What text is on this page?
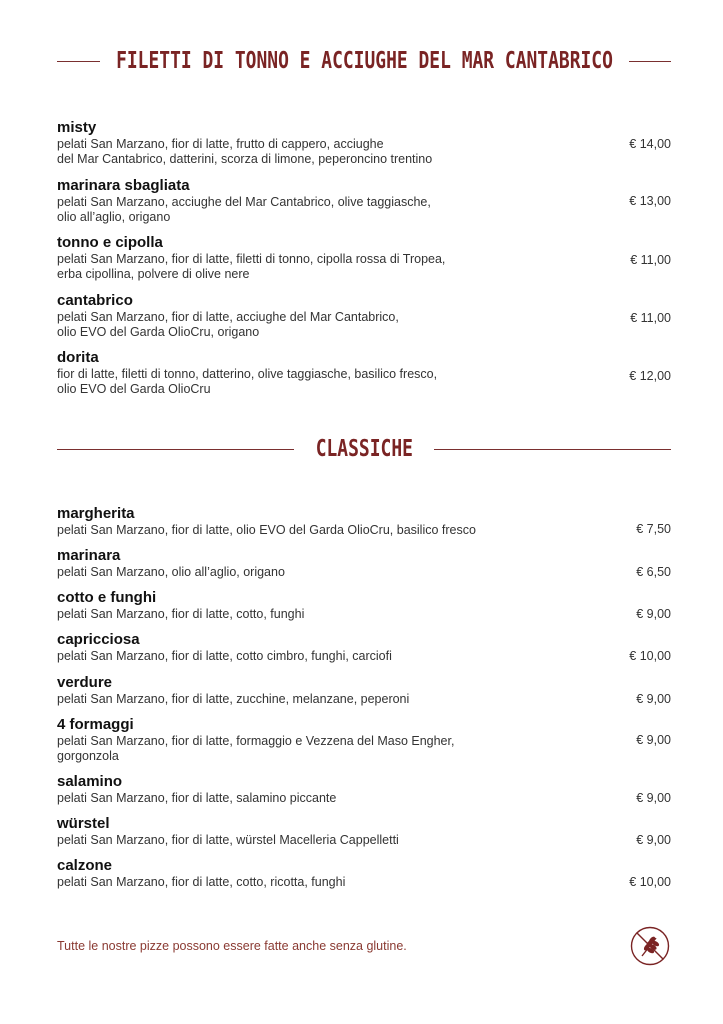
FILETTI DI TONNO E ACCIUGHE DEL MAR CANTABRICO
misty
pelati San Marzano, fior di latte, frutto di cappero, acciughe
del Mar Cantabrico, datterini, scorza di limone, peperoncino trentino
€ 14,00
marinara sbagliata
pelati San Marzano, acciughe del Mar Cantabrico, olive taggiasche,
olio all’aglio, origano
€ 13,00
tonno e cipolla
pelati San Marzano, fior di latte, filetti di tonno, cipolla rossa di Tropea,
erba cipollina, polvere di olive nere
€ 11,00
cantabrico
pelati San Marzano, fior di latte, acciughe del Mar Cantabrico,
olio EVO del Garda OlioCru, origano
€ 11,00
dorita
fior di latte, filetti di tonno, datterino, olive taggiasche, basilico fresco,
olio EVO del Garda OlioCru
€ 12,00
CLASSICHE
margherita
pelati San Marzano, fior di latte, olio EVO del Garda OlioCru, basilico fresco	€ 7,50
marinara
pelati San Marzano, olio all’aglio, origano	€ 6,50
cotto e funghi
pelati San Marzano, fior di latte, cotto, funghi	€ 9,00
capricciosa
pelati San Marzano, fior di latte, cotto cimbro, funghi, carciofi	€ 10,00
verdure
pelati San Marzano, fior di latte, zucchine, melanzane, peperoni	€ 9,00
4 formaggi
pelati San Marzano, fior di latte, formaggio e Vezzena del Maso Engher,
gorgonzola
€ 9,00
salamino
pelati San Marzano, fior di latte, salamino piccante	€ 9,00
würstel
pelati San Marzano, fior di latte, würstel Macelleria Cappelletti	€ 9,00
calzone
pelati San Marzano, fior di latte, cotto, ricotta, funghi	€ 10,00
Tutte le nostre pizze possono essere fatte anche senza glutine.
